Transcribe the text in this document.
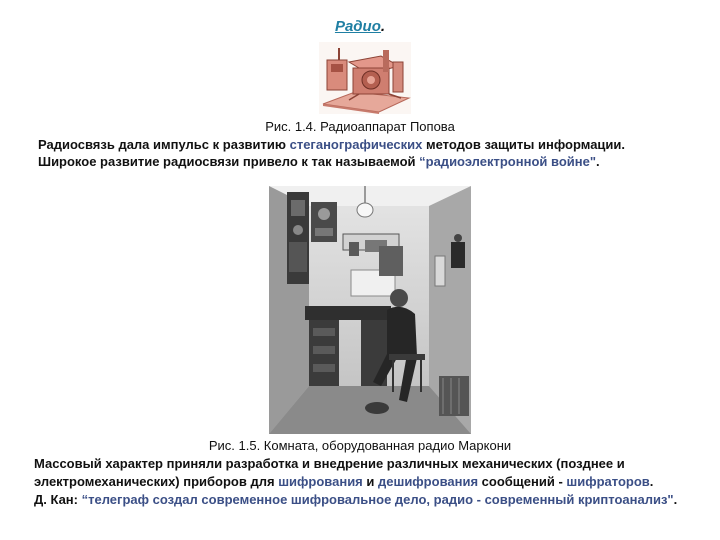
Радио.
Рис. 1.4. Радиоаппарат Попова
Радиосвязь дала импульс к развитию стеганографических методов защиты информации.
Широкое развитие радиосвязи привело к так называемой “радиоэлектронной войне".
Рис. 1.5. Комната, оборудованная радио Маркони
Массовый характер приняли разработка и внедрение различных механических (позднее и электромеханических) приборов для шифрования и дешифрования сообщений - шифраторов.
Д. Кан: “телеграф создал современное шифровальное дело, радио - современный криптоанализ".
